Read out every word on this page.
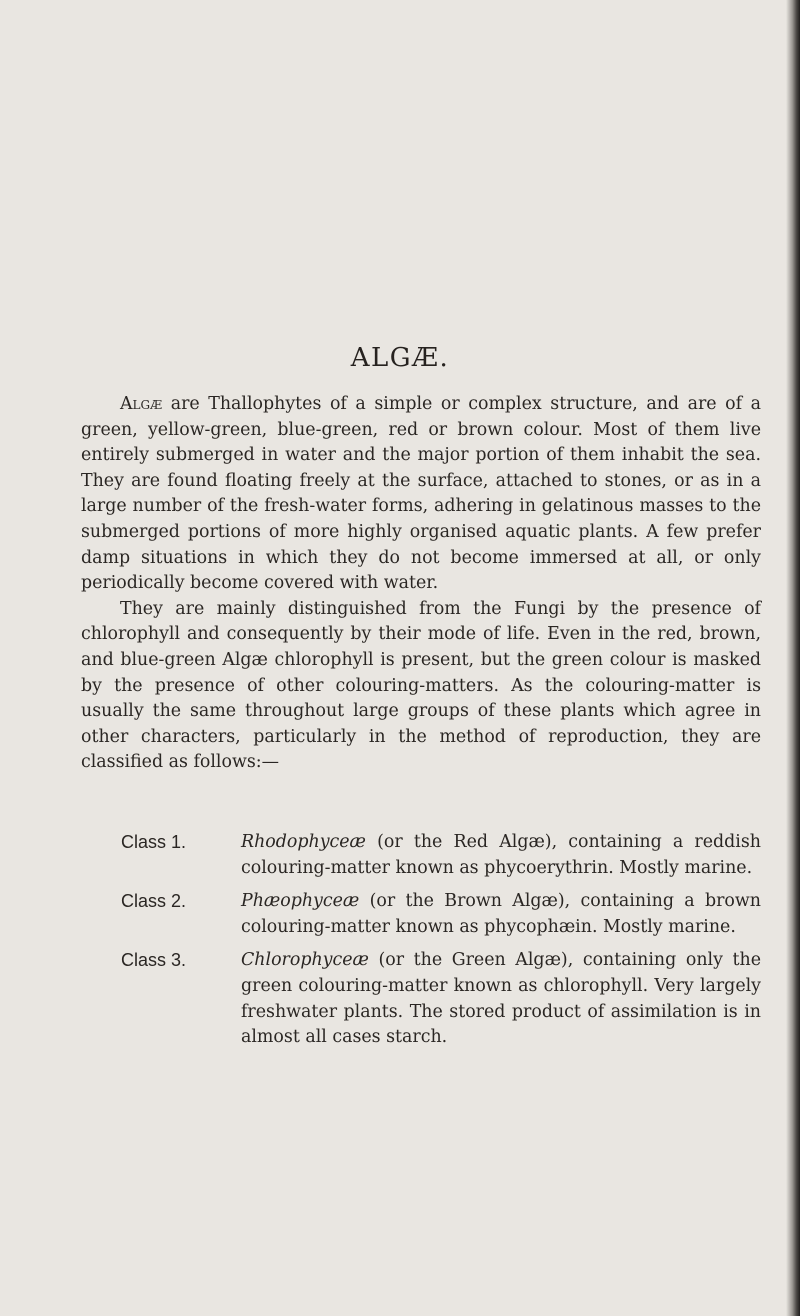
ALGÆ.

Algæ are Thallophytes of a simple or complex structure, and are of a green, yellow-green, blue-green, red or brown colour. Most of them live entirely submerged in water and the major portion of them inhabit the sea. They are found floating freely at the surface, attached to stones, or as in a large number of the fresh-water forms, adhering in gelatinous masses to the submerged portions of more highly organised aquatic plants. A few prefer damp situations in which they do not become immersed at all, or only periodically become covered with water.

They are mainly distinguished from the Fungi by the presence of chlorophyll and consequently by their mode of life. Even in the red, brown, and blue-green Algæ chlorophyll is present, but the green colour is masked by the presence of other colouring-matters. As the colouring-matter is usually the same throughout large groups of these plants which agree in other characters, particularly in the method of reproduction, they are classified as follows:—

Class 1.	Rhodophyceæ (or the Red Algæ), containing a reddish colouring-matter known as phycoerythrin. Mostly marine.
Class 2.	Phæophyceæ (or the Brown Algæ), containing a brown colouring-matter known as phycophæin. Mostly marine.
Class 3.	Chlorophyceæ (or the Green Algæ), containing only the green colouring-matter known as chlorophyll. Very largely freshwater plants. The stored product of assimilation is in almost all cases starch.
